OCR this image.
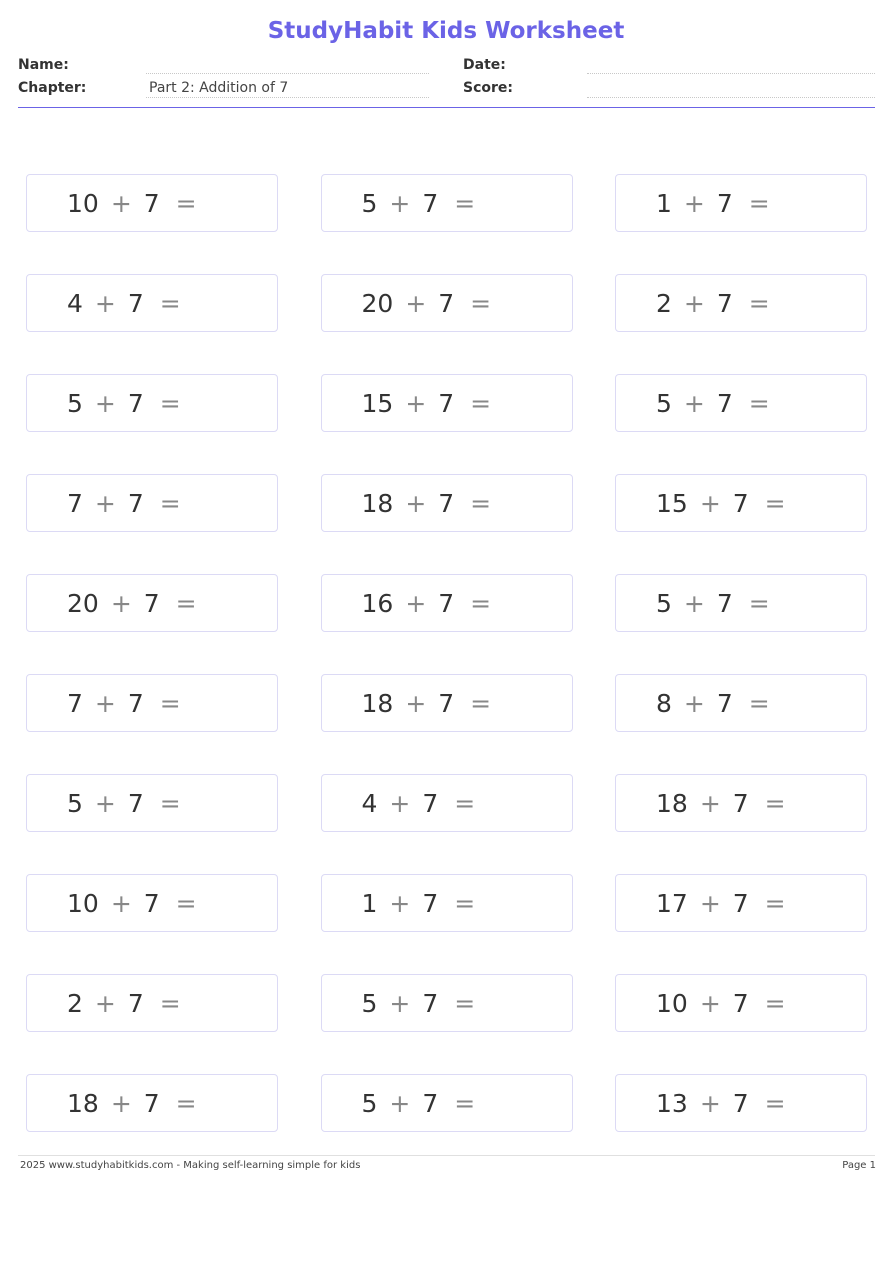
StudyHabit Kids Worksheet
Name:
Chapter:	Part 2: Addition of 7
Date:
Score:
10 + 7 =	5 + 7 =	1 + 7 =
4 + 7 =	20 + 7 =	2 + 7 =
5 + 7 =	15 + 7 =	5 + 7 =
7 + 7 =	18 + 7 =	15 + 7 =
20 + 7 =	16 + 7 =	5 + 7 =
7 + 7 =	18 + 7 =	8 + 7 =
5 + 7 =	4 + 7 =	18 + 7 =
10 + 7 =	1 + 7 =	17 + 7 =
2 + 7 =	5 + 7 =	10 + 7 =
18 + 7 =	5 + 7 =	13 + 7 =
2025 www.studyhabitkids.com - Making self-learning simple for kids	Page 1
